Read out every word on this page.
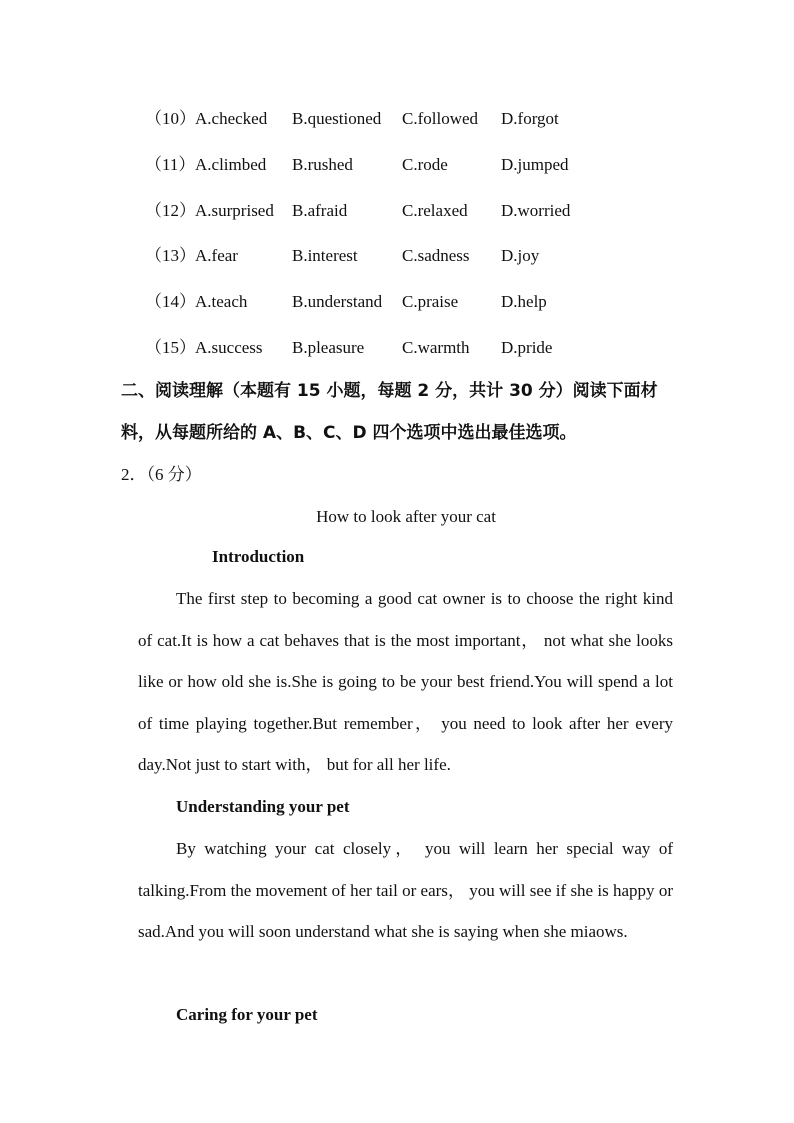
（10） A.checked B.questioned C.followed D.forgot
（11） A.climbed B.rushed	C.rode	D.jumped
（12） A.surprised B.afraid	C.relaxed D.worried
（13） A.fear	B.interest	C.sadness D.joy
（14） A.teach	B.understand C.praise	D.help
（15） A.success B.pleasure C.warmth D.pride
二、阅读理解（本题有 15 小题，每题 2 分，共计 30 分）阅读下面材
料，从每题所给的 A、B、C、D 四个选项中选出最佳选项。
2．（6 分）
How to look after your cat
Introduction

The first step to becoming a good cat owner is to choose the right kind of cat.It is how a cat behaves that is the most important， not what she looks like or how old she is.She is going to be your best friend.You will spend a lot of time playing together.But remember， you need to look after her every day.Not just to start with， but for all her life.

Understanding your pet

By watching your cat closely， you will learn her special way of talking.From the movement of her tail or ears， you will see if she is happy or sad.And you will soon understand what she is saying when she miaows.

Caring for your pet
